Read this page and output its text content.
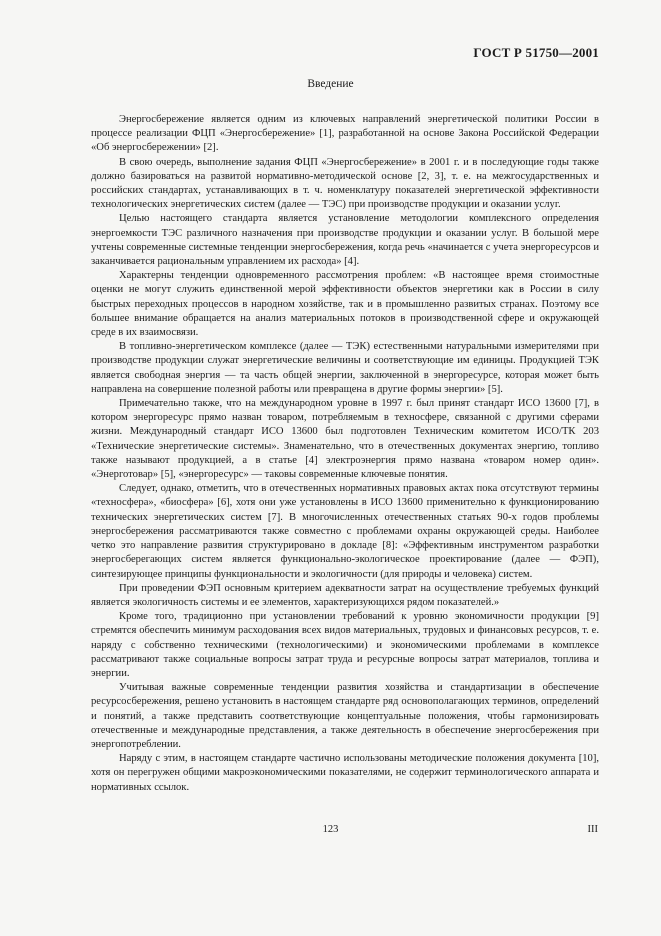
ГОСТ Р 51750—2001
Введение

Энергосбережение является одним из ключевых направлений энергетической политики России в процессе реализации ФЦП «Энергосбережение» [1], разработанной на основе Закона Российской Федерации «Об энергосбережении» [2].

В свою очередь, выполнение задания ФЦП «Энергосбережение» в 2001 г. и в последующие годы также должно базироваться на развитой нормативно-методической основе [2, 3], т. е. на межгосударственных и российских стандартах, устанавливающих в т. ч. номенклатуру показателей энергетической эффективности технологических энергетических систем (далее — ТЭС) при производстве продукции и оказании услуг.

Целью настоящего стандарта является установление методологии комплексного определения энергоемкости ТЭС различного назначения при производстве продукции и оказании услуг. В большой мере учтены современные системные тенденции энергосбережения, когда речь «начинается с учета энергоресурсов и заканчивается рациональным управлением их расхода» [4].

Характерны тенденции одновременного рассмотрения проблем: «В настоящее время стоимостные оценки не могут служить единственной мерой эффективности объектов энергетики как в России в силу быстрых переходных процессов в народном хозяйстве, так и в промышленно развитых странах. Поэтому все большее внимание обращается на анализ материальных потоков в производственной сфере и окружающей среде в их взаимосвязи.

В топливно-энергетическом комплексе (далее — ТЭК) естественными натуральными измерителями при производстве продукции служат энергетические величины и соответствующие им единицы. Продукцией ТЭК является свободная энергия — та часть общей энергии, заключенной в энергоресурсе, которая может быть направлена на совершение полезной работы или превращена в другие формы энергии» [5].

Примечательно также, что на международном уровне в 1997 г. был принят стандарт ИСО 13600 [7], в котором энергоресурс прямо назван товаром, потребляемым в техносфере, связанной с другими сферами жизни. Международный стандарт ИСО 13600 был подготовлен Техническим комитетом ИСО/ТК 203 «Технические энергетические системы». Знаменательно, что в отечественных документах энергию, топливо также называют продукцией, а в статье [4] электроэнергия прямо названа «товаром номер один». «Энерготовар» [5], «энергоресурс» — таковы современные ключевые понятия.

Следует, однако, отметить, что в отечественных нормативных правовых актах пока отсутствуют термины «техносфера», «биосфера» [6], хотя они уже установлены в ИСО 13600 применительно к функционированию технических энергетических систем [7]. В многочисленных отечественных статьях 90-х годов проблемы энергосбережения рассматриваются также совместно с проблемами охраны окружающей среды. Наиболее четко это направление развития структурировано в докладе [8]: «Эффективным инструментом разработки энергосберегающих систем является функционально-экологическое проектирование (далее — ФЭП), синтезирующее принципы функциональности и экологичности (для природы и человека) систем.

При проведении ФЭП основным критерием адекватности затрат на осуществление требуемых функций является экологичность системы и ее элементов, характеризующихся рядом показателей.»

Кроме того, традиционно при установлении требований к уровню экономичности продукции [9] стремятся обеспечить минимум расходования всех видов материальных, трудовых и финансовых ресурсов, т. е. наряду с собственно техническими (технологическими) и экономическими проблемами в комплексе рассматривают также социальные вопросы затрат труда и ресурсные вопросы затрат материалов, топлива и энергии.

Учитывая важные современные тенденции развития хозяйства и стандартизации в обеспечение ресурсосбережения, решено установить в настоящем стандарте ряд основополагающих терминов, определений и понятий, а также представить соответствующие концептуальные положения, чтобы гармонизировать отечественные и международные представления, а также деятельность в обеспечение энергосбережения при энергопотреблении.

Наряду с этим, в настоящем стандарте частично использованы методические положения документа [10], хотя он перегружен общими макроэкономическими показателями, не содержит терминологического аппарата и нормативных ссылок.

123	III
